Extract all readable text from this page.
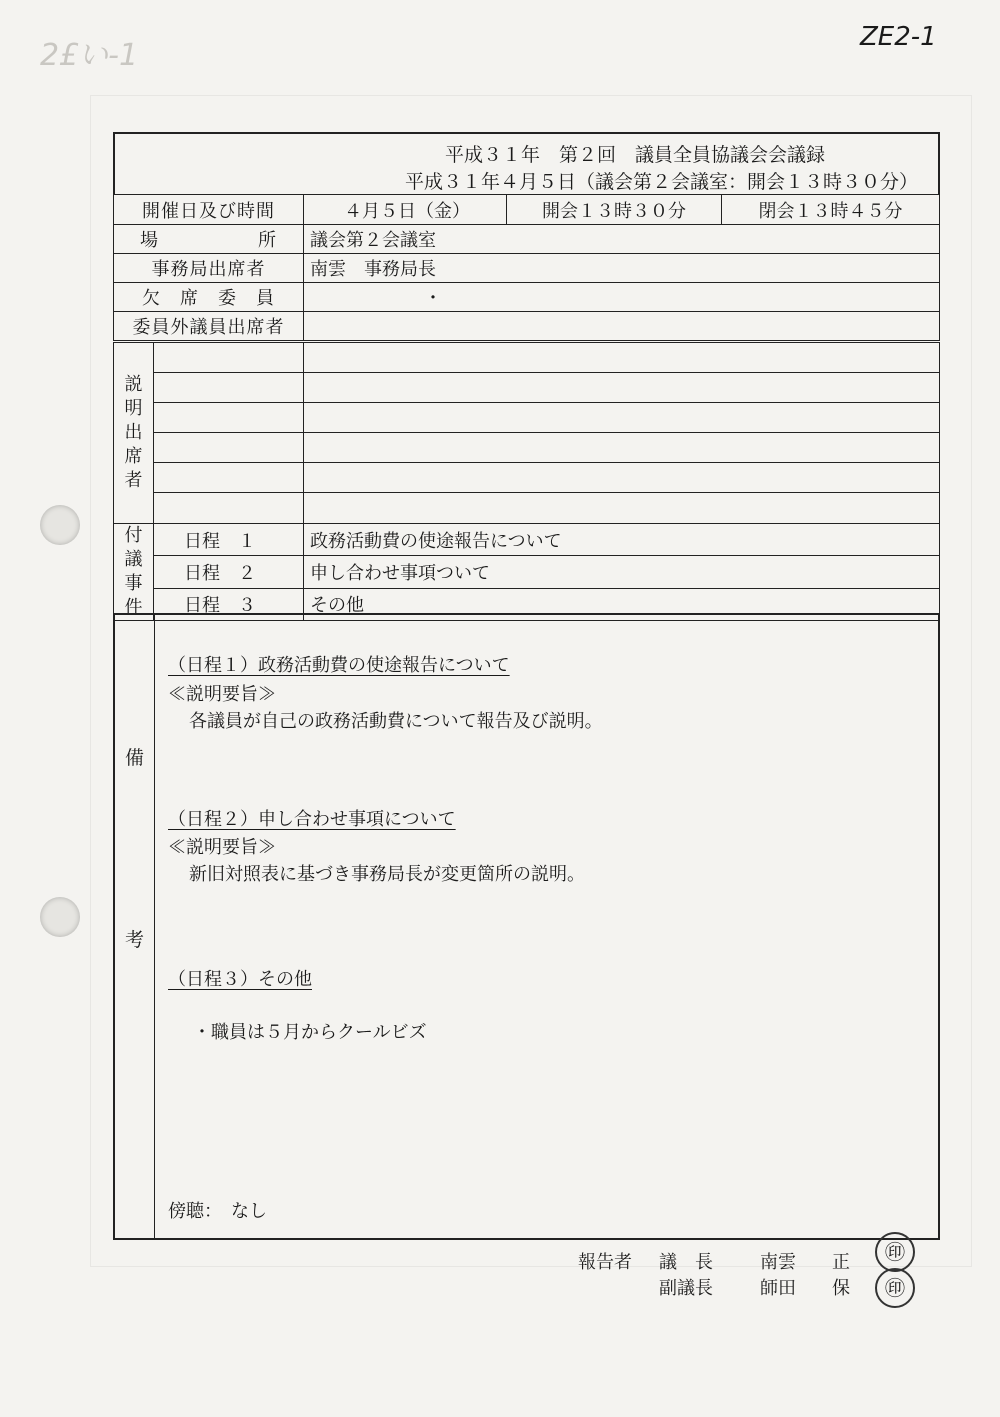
ZE2-1
2£い-1
平成３１年　第２回　議員全員協議会会議録
平成３１年４月５日（議会第２会議室：開会１３時３０分）
開催日及び時間	４月５日（金）	開会１３時３０分	閉会１３時４５分
場　　　所	議会第２会議室		
事務局出席者	南雲　事務局長		
欠　席　委　員	・		
委員外議員出席者			
説
明
出
席
者		

付
議
事
件	日程　１	政務活動費の使途報告について
	日程　２	申し合わせ事項ついて
	日程　３	その他
備
考
（日程１）政務活動費の使途報告について
≪説明要旨≫
各議員が自己の政務活動費について報告及び説明。
（日程２）申し合わせ事項について
≪説明要旨≫
新旧対照表に基づき事務局長が変更箇所の説明。
（日程３）その他
・職員は５月からクールビズ
傍聴：　なし
報告者 議　長	南雲　　正
副議長	師田　　保
㊞
㊞
